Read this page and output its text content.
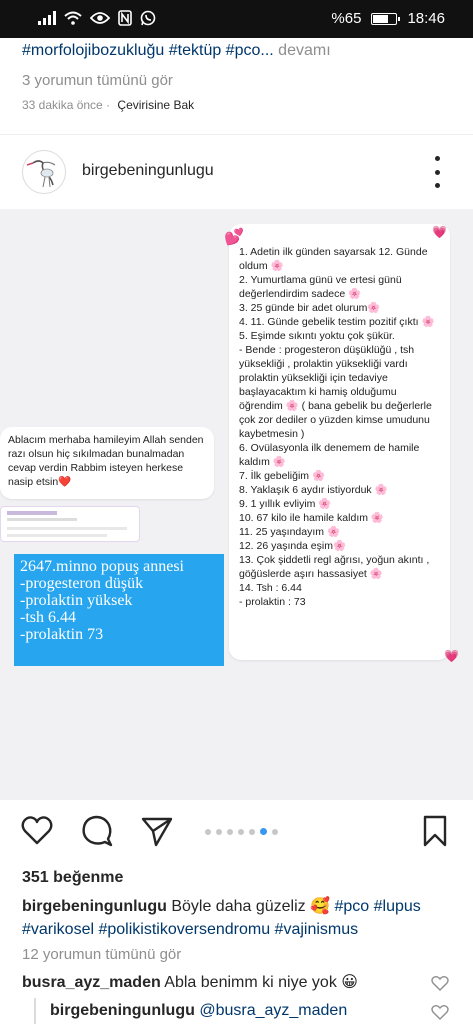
%65	18:46
#morfolojibozukluğu #tektüp #pco... devamı
3 yorumun tümünü gör
33 dakika önce · Çevirisine Bak
birgebeningunlugu
Ablacım merhaba hamileyim Allah senden razı olsun hiç sıkılmadan bunalmadan cevap verdin Rabbim isteyen herkese nasip etsin❤️
2647.minno popuş annesi
-progesteron düşük
-prolaktin yüksek
-tsh 6.44
-prolaktin 73
1. Adetin ilk günden sayarsak 12. Günde oldum 🌸
2. Yumurtlama günü ve ertesi günü değerlendirdim sadece 🌸
3. 25 günde bir adet olurum🌸
4. 11. Günde gebelik testim pozitif çıktı 🌸
5. Eşimde sıkıntı yoktu çok şükür.
- Bende : progesteron düşüklüğü , tsh yüksekliği , prolaktin yüksekliği vardı prolaktin yüksekliği için tedaviye başlayacaktım ki hamiş olduğumu öğrendim 🌸 ( bana gebelik bu değerlerle çok zor dediler o yüzden kimse umudunu kaybetmesin )
6. Ovülasyonla ilk denemem de hamile kaldım 🌸
7. İlk gebeliğim 🌸
8. Yaklaşık 6 aydır istiyorduk 🌸
9. 1 yıllık evliyim 🌸
10. 67 kilo ile hamile kaldım 🌸
11. 25 yaşındayım 🌸
12. 26 yaşında eşim🌸
13. Çok şiddetli regl ağrısı, yoğun akıntı , göğüslerde aşırı hassasiyet 🌸
14. Tsh : 6.44
- prolaktin : 73
💕	💗
💗
351 beğenme
birgebeningunlugu Böyle daha güzeliz 🥰 #pco #lupus #varikosel #polikistikoversendromu #vajinismus
12 yorumun tümünü gör
busra_ayz_maden Abla benimm ki niye yok 😀
birgebeningunlugu @busra_ayz_maden
